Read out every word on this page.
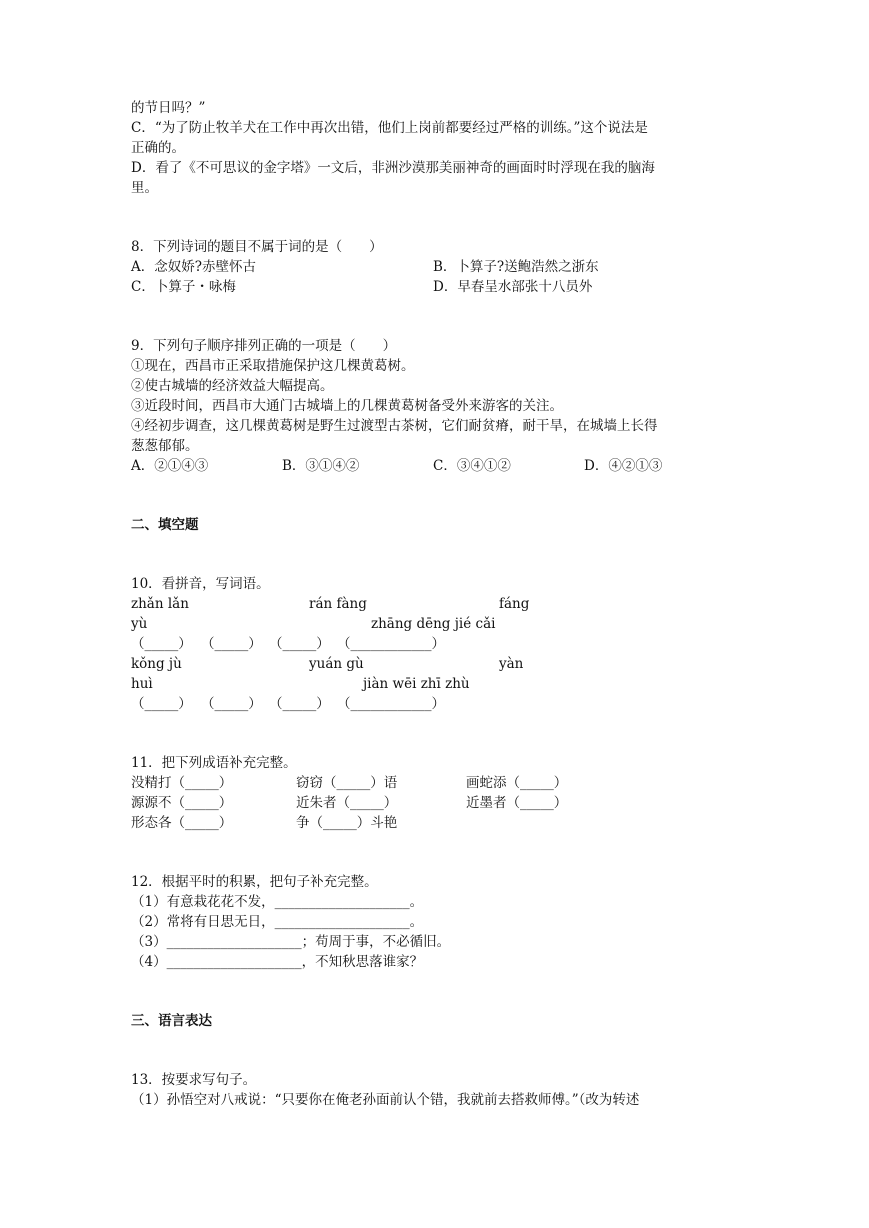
的节日吗？”
C．“为了防止牧羊犬在工作中再次出错，他们上岗前都要经过严格的训练。”这个说法是
正确的。
D．看了《不可思议的金字塔》一文后，非洲沙漠那美丽神奇的画面时时浮现在我的脑海
里。
8．下列诗词的题目不属于词的是（　　）
A．念奴娇?赤壁怀古	B．卜算子?送鲍浩然之浙东
C．卜算子・咏梅	D．早春呈水部张十八员外
9．下列句子顺序排列正确的一项是（　　）
①现在，西昌市正采取措施保护这几棵黄葛树。
②使古城墙的经济效益大幅提高。
③近段时间，西昌市大通门古城墙上的几棵黄葛树备受外来游客的关注。
④经初步调查，这几棵黄葛树是野生过渡型古茶树，它们耐贫瘠，耐干旱，在城墙上长得
葱葱郁郁。
A．②①④③	B．③①④②	C．③④①②	D．④②①③
二、填空题
10．看拼音，写词语。
zhǎn lǎn	rán fàng	fáng
yù	zhāng dēng jié cǎi
（_____） （_____） （_____） （____________）
kǒng jù	yuán gù	yàn
huì	jiàn wēi zhī zhù
（_____） （_____） （_____） （____________）
11．把下列成语补充完整。
没精打（_____）	窃窃（_____）语	画蛇添（_____）
源源不（_____）	近朱者（_____）	近墨者（_____）
形态各（_____）	争（_____）斗艳
12．根据平时的积累，把句子补充完整。
（1）有意栽花花不发，____________________。
（2）常将有日思无日，____________________。
（3）____________________；苟周于事，不必循旧。
（4）____________________，不知秋思落谁家？
三、语言表达
13．按要求写句子。
（1）孙悟空对八戒说：“只要你在俺老孙面前认个错，我就前去搭救师傅。”（改为转述
